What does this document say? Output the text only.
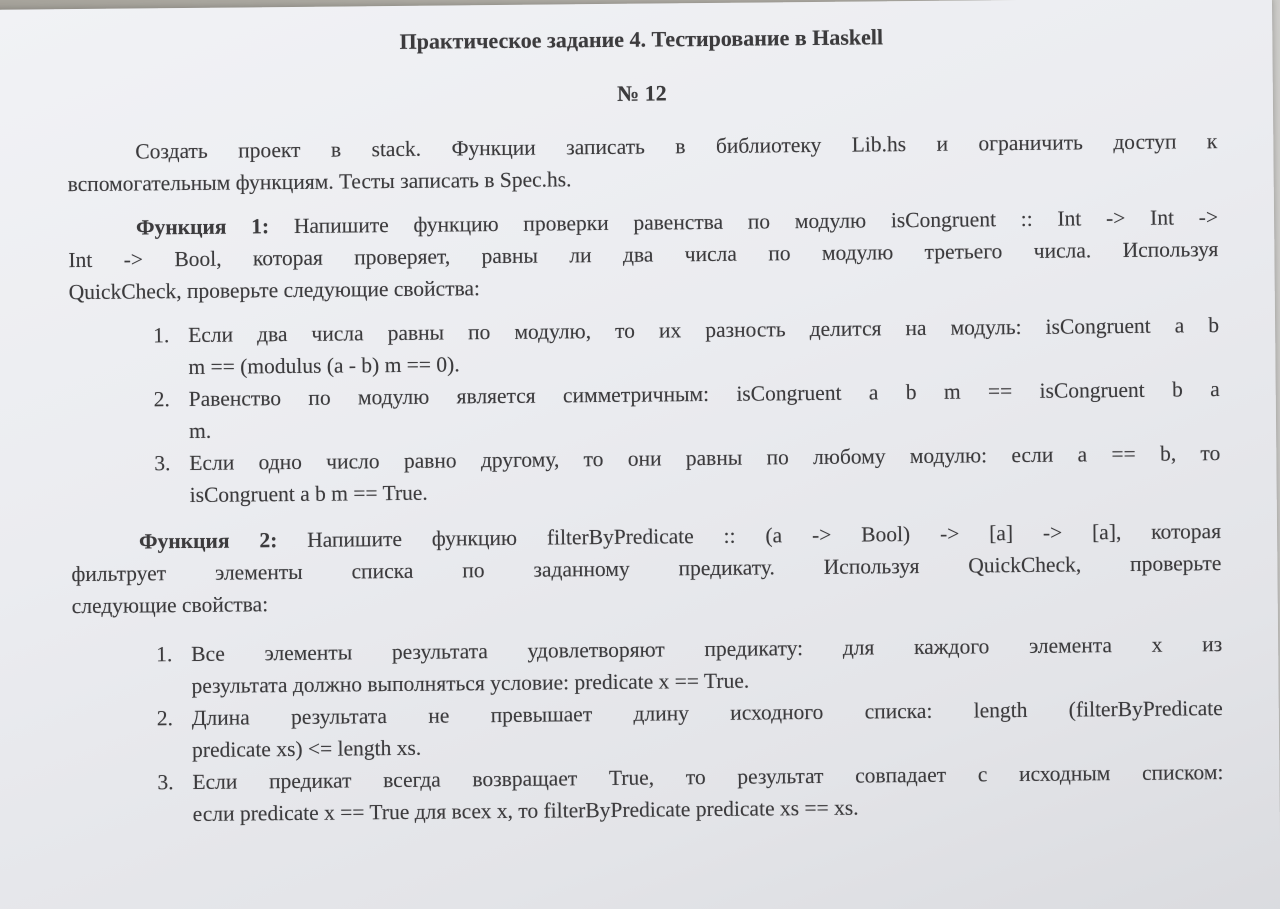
Практическое задание 4. Тестирование в Haskell
№ 12
Создать проект в stack. Функции записать в библиотеку Lib.hs и ограничить доступ к
вспомогательным функциям. Тесты записать в Spec.hs.
Функция 1: Напишите функцию проверки равенства по модулю isCongruent :: Int -> Int ->
Int -> Bool, которая проверяет, равны ли два числа по модулю третьего числа. Используя
QuickCheck, проверьте следующие свойства:
1. Если два числа равны по модулю, то их разность делится на модуль: isCongruent a b
m == (modulus (a - b) m == 0).
2. Равенство по модулю является симметричным: isCongruent a b m == isCongruent b a
m.
3. Если одно число равно другому, то они равны по любому модулю: если a == b, то
isCongruent a b m == True.
Функция 2: Напишите функцию filterByPredicate :: (a -> Bool) -> [a] -> [a], которая
фильтрует элементы списка по заданному предикату. Используя QuickCheck, проверьте
следующие свойства:
1. Все элементы результата удовлетворяют предикату: для каждого элемента x из
результата должно выполняться условие: predicate x == True.
2. Длина результата не превышает длину исходного списка: length (filterByPredicate
predicate xs) <= length xs.
3. Если предикат всегда возвращает True, то результат совпадает с исходным списком:
если predicate x == True для всех x, то filterByPredicate predicate xs == xs.
